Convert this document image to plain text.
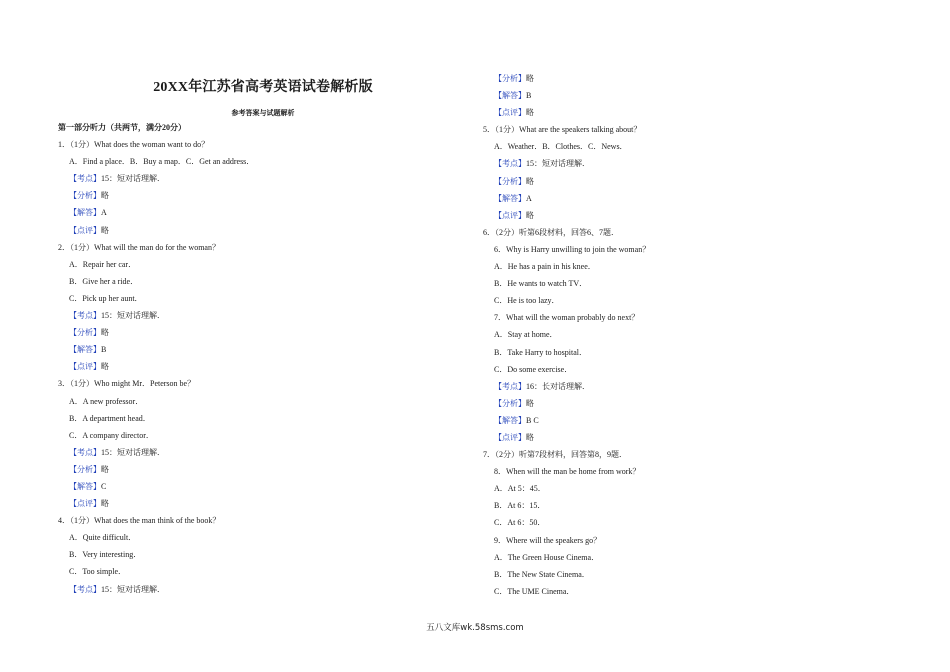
20XX年江苏省高考英语试卷解析版
参考答案与试题解析
第一部分听力（共两节，满分20分）
1．（1分）What does the woman want to do？
A．Find a place．B．Buy a map．C．Get an address．
【考点】15：短对话理解．
【分析】略
【解答】A
【点评】略
2．（1分）What will the man do for the woman？
A．Repair her car．
B．Give her a ride．
C．Pick up her aunt．
【考点】15：短对话理解．
【分析】略
【解答】B
【点评】略
3．（1分）Who might Mr．Peterson be？
A．A new professor．
B．A department head．
C．A company director．
【考点】15：短对话理解．
【分析】略
【解答】C
【点评】略
4．（1分）What does the man think of the book？
A．Quite difficult．
B．Very interesting．
C．Too simple．
【考点】15：短对话理解．
【分析】略
【解答】B
【点评】略
5．（1分）What are the speakers talking about？
A．Weather．B．Clothes．C．News．
【考点】15：短对话理解．
【分析】略
【解答】A
【点评】略
6．（2分）听第6段材料，回答6、7题．
6．Why is Harry unwilling to join the woman？
A．He has a pain in his knee．
B．He wants to watch TV．
C．He is too lazy．
7．What will the woman probably do next？
A．Stay at home．
B．Take Harry to hospital．
C．Do some exercise．
【考点】16：长对话理解．
【分析】略
【解答】B C
【点评】略
7．（2分）听第7段材料，回答第8，9题．
8．When will the man be home from work？
A．At 5：45．
B．At 6：15．
C．At 6：50．
9．Where will the speakers go？
A．The Green House Cinema．
B．The New State Cinema．
C．The UME Cinema．
五八文库wk.58sms.com
